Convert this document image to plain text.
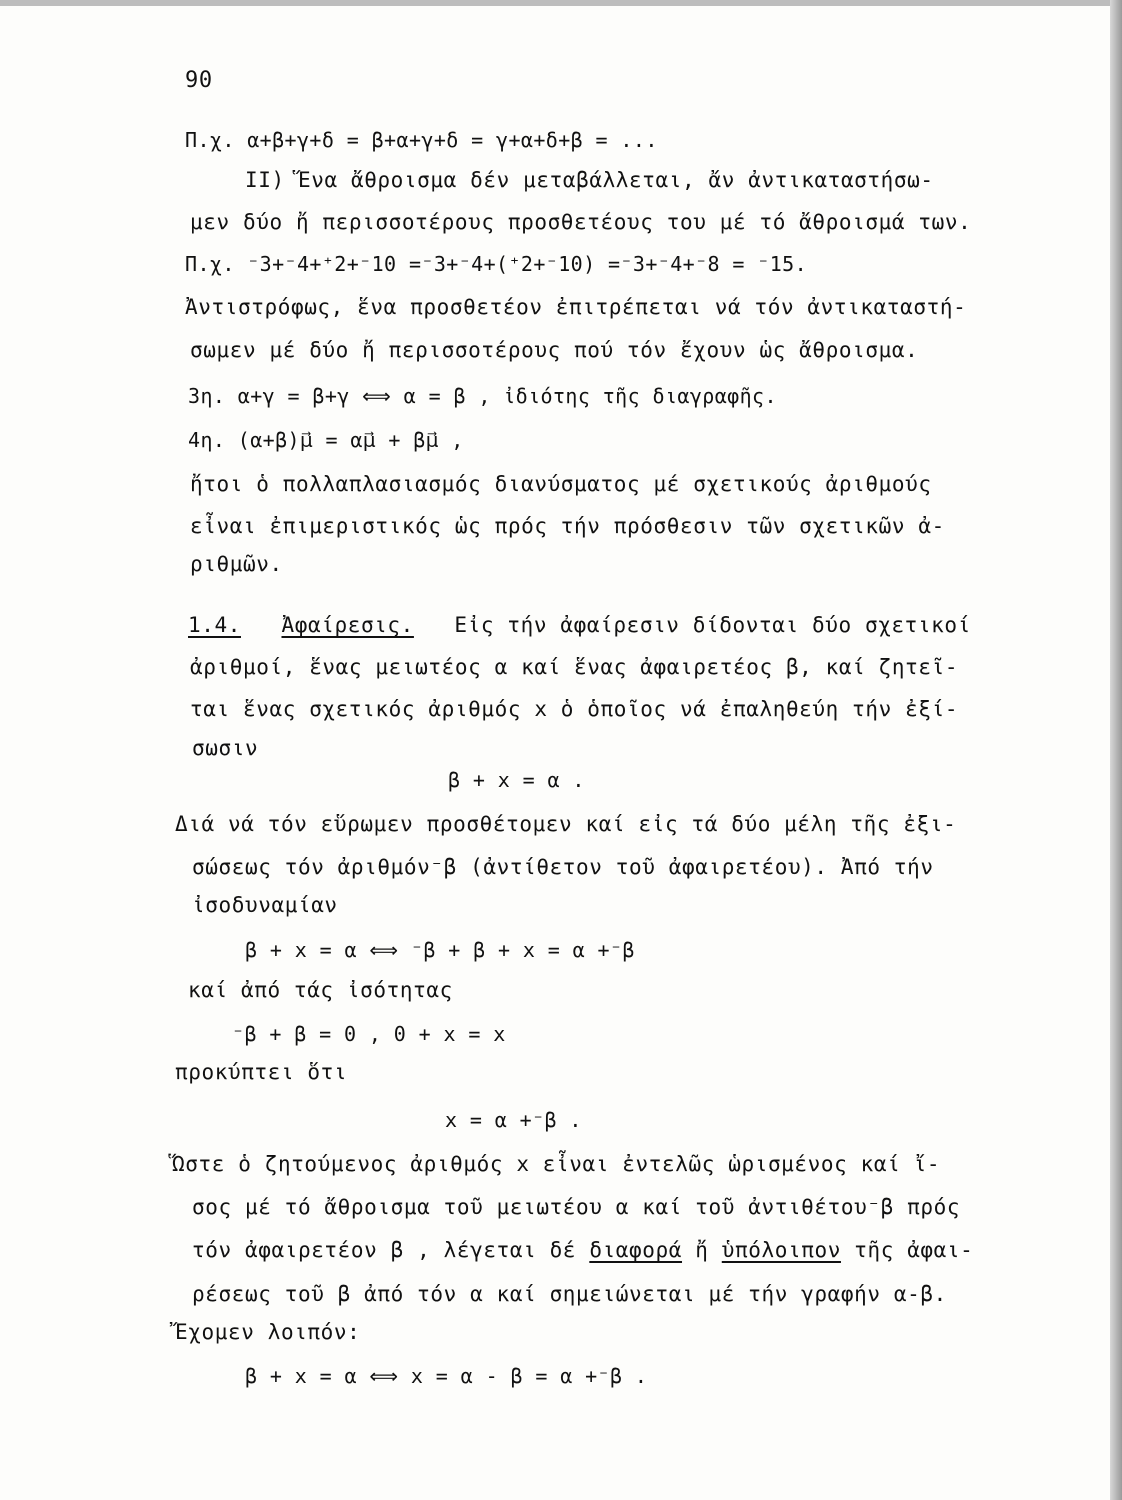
90
Π.χ. α+β+γ+δ = β+α+γ+δ = γ+α+δ+β = ...
ΙΙ) Ἕνα ἄθροισμα δέν μεταβάλλεται, ἄν ἀντικαταστήσω-
μεν δύο ἤ περισσοτέρους προσθετέους του μέ τό ἄθροισμά των.
Π.χ. ⁻3+⁻4+⁺2+⁻10 =⁻3+⁻4+(⁺2+⁻10) =⁻3+⁻4+⁻8 = ⁻15.
Ἀντιστρόφως, ἕνα προσθετέον ἐπιτρέπεται νά τόν ἀντικαταστή-
σωμεν μέ δύο ἤ περισσοτέρους πού τόν ἔχουν ὡς ἄθροισμα.
3η. α+γ = β+γ ⟺ α = β , ἰδιότης τῆς διαγραφῆς.
4η. (α+β)μ⃗ = αμ⃗ + βμ⃗ ,
ἤτοι ὁ πολλαπλασιασμός διανύσματος μέ σχετικούς ἀριθμούς
εἶναι ἐπιμεριστικός ὡς πρός τήν πρόσθεσιν τῶν σχετικῶν ἀ-
ριθμῶν.
1.4. Ἀφαίρεσις. Εἰς τήν ἀφαίρεσιν δίδονται δύο σχετικοί
ἀριθμοί, ἕνας μειωτέος α καί ἕνας ἀφαιρετέος β, καί ζητεῖ-
ται ἕνας σχετικός ἀριθμός x ὁ ὁποῖος νά ἐπαληθεύη τήν ἐξί-
σωσιν
β + x = α .
Διά νά τόν εὕρωμεν προσθέτομεν καί εἰς τά δύο μέλη τῆς ἐξι-
σώσεως τόν ἀριθμόν⁻β (ἀντίθετον τοῦ ἀφαιρετέου). Ἀπό τήν
ἰσοδυναμίαν
β + x = α ⟺ ⁻β + β + x = α +⁻β
καί ἀπό τάς ἰσότητας
⁻β + β = 0 , 0 + x = x
προκύπτει ὅτι
x = α +⁻β .
Ὥστε ὁ ζητούμενος ἀριθμός x εἶναι ἐντελῶς ὡρισμένος καί ἴ-
σος μέ τό ἄθροισμα τοῦ μειωτέου α καί τοῦ ἀντιθέτου⁻β πρός
τόν ἀφαιρετέον β , λέγεται δέ διαφορά ἤ ὑπόλοιπον τῆς ἀφαι-
ρέσεως τοῦ β ἀπό τόν α καί σημειώνεται μέ τήν γραφήν α-β.
Ἔχομεν λοιπόν:
β + x = α ⟺ x = α - β = α +⁻β .
